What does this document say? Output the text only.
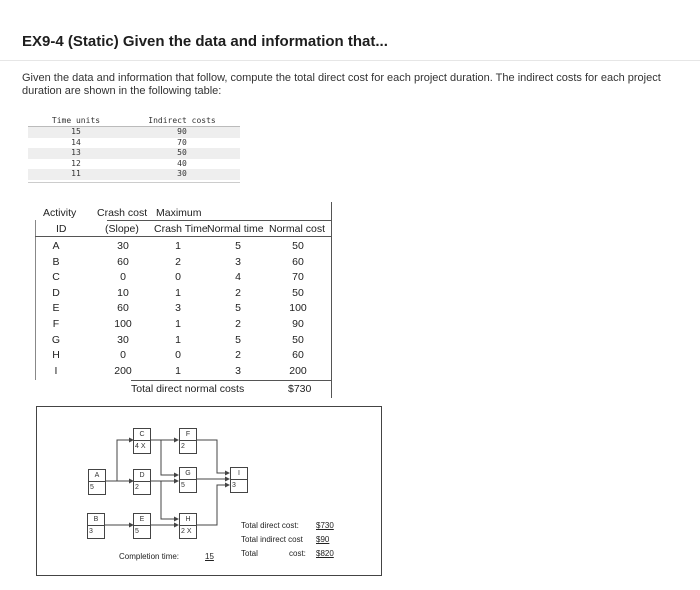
EX9-4 (Static) Given the data and information that...
Given the data and information that follow, compute the total direct cost for each project duration. The indirect costs for each project duration are shown in the following table:
Time units	Indirect costs
15	90
14	70
13	50
12	40
11	30
Activity Crash cost Maximum
ID	(Slope) Crash Time Normal time Normal cost
A	30	1	5	50
B	60	2	3	60
C	0	0	4	70
D	10	1	2	50
E	60	3	5	100
F	100	1	2	90
G	30	1	5	50
H	0	0	2	60
I	200	1	3	200
Total direct normal costs	$730
A
5
B
3
C
4 X
D
2
E
5
F
2
G
5
H
2 X
I
3
Completion time:	15
Total direct cost: $730
Total indirect cost $90
Total	cost: $820
